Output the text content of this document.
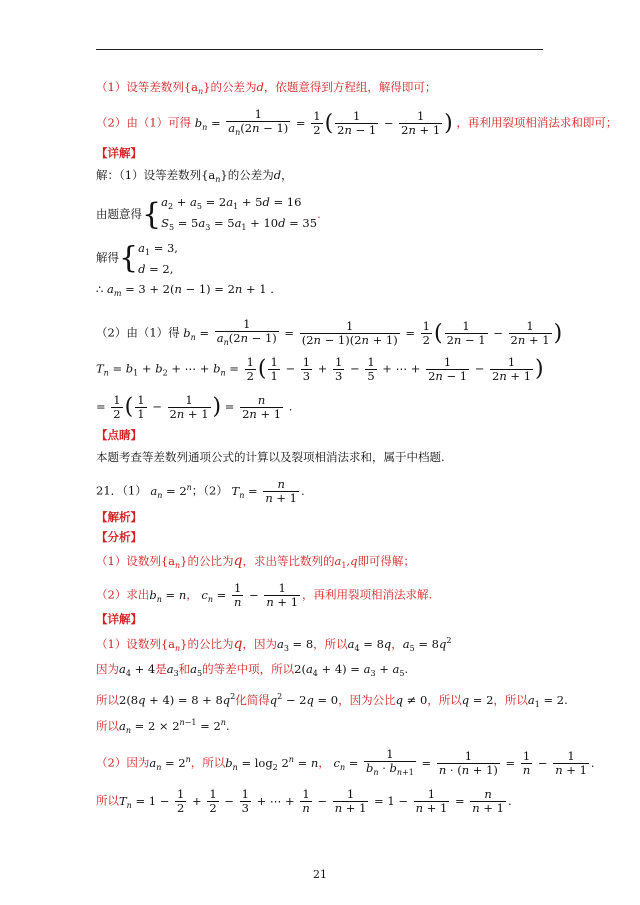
（1）设等差数列$\{a_n\}$的公差为d，依题意得到方程组，解得即可；
（2）由（1）可得 $b_n = \frac{1}{a_n(2n - 1)} = \frac{1}{2}$ ( $\frac{1}{2n - 1} - \frac{1}{2n + 1}$ ) ，再利用裂项相消法求和即可；
【详解】
解：（1）设等差数列$\{a_n\}$的公差为d，
由题意得{$a_2 + a_5 = 2a_1 + 5d = 16$
$S_5 = 5a_3 = 5a_1 + 10d = 35$.
解得{$a_1 = 3$,
d = 2,
∴ $a_m = 3 + 2(n - 1) = 2n + 1$ .
（2）由（1）得 $b_n = \frac{1}{a_n(2n - 1)} = \frac{1}{(2n - 1)(2n + 1)} = \frac{1}{2}$ ( $\frac{1}{2n - 1} - \frac{1}{2n + 1}$ )
$T_n = b_1 + b_2$ + ⋯ + $b_n = \frac{1}{2}$ ( $\frac{1}{1} - \frac{1}{3} + \frac{1}{3} - \frac{1}{5}$ + ⋯ + $\frac{1}{2n - 1} - \frac{1}{2n + 1}$ )
= $\frac{1}{2}$ ( $\frac{1}{1} - \frac{1}{2n + 1}$ ) = $\frac{n}{2n + 1}$ .
【点睛】
本题考查等差数列通项公式的计算以及裂项相消法求和，属于中档题.
21．（1） $a_n = 2^n$；（2） $T_n = \frac{n}{n + 1}$ .
【解析】
【分析】
（1）设数列$\{a_n\}$的公比为q，求出等比数列的$a_1,q$即可得解；
（2）求出$b_n = n$， $c_n = \frac{1}{n} - \frac{1}{n + 1}$ ，再利用裂项相消法求解.
【详解】
（1）设数列$\{a_n\}$的公比为q，因为$a_3 = 8$，所以$a_4 = 8q$，$a_5 = 8q^2$
因为$a_4 + 4$是$a_3$和$a_5$的等差中项，所以$2(a_4 + 4) = a_3 + a_5$.
所以$2(8q + 4) = 8 + 8q^2$化简得$q^2 - 2q = 0$，因为公比q ≠ 0，所以q = 2，所以$a_1 = 2$.
所以$a_n = 2 \times 2^{n-1} = 2^n$.
（2）因为$a_n = 2^n$，所以$b_n = \log_2 2^n = n$， $c_n = \frac{1}{b_n \cdot b_{n+1}} = \frac{1}{n \cdot (n + 1)} = \frac{1}{n} - \frac{1}{n + 1}$ .
所以$T_n = 1 - \frac{1}{2} + \frac{1}{2} - \frac{1}{3}$ + ⋯ + $\frac{1}{n} - \frac{1}{n + 1} = 1 - \frac{1}{n + 1} = \frac{n}{n + 1}$ .
21
